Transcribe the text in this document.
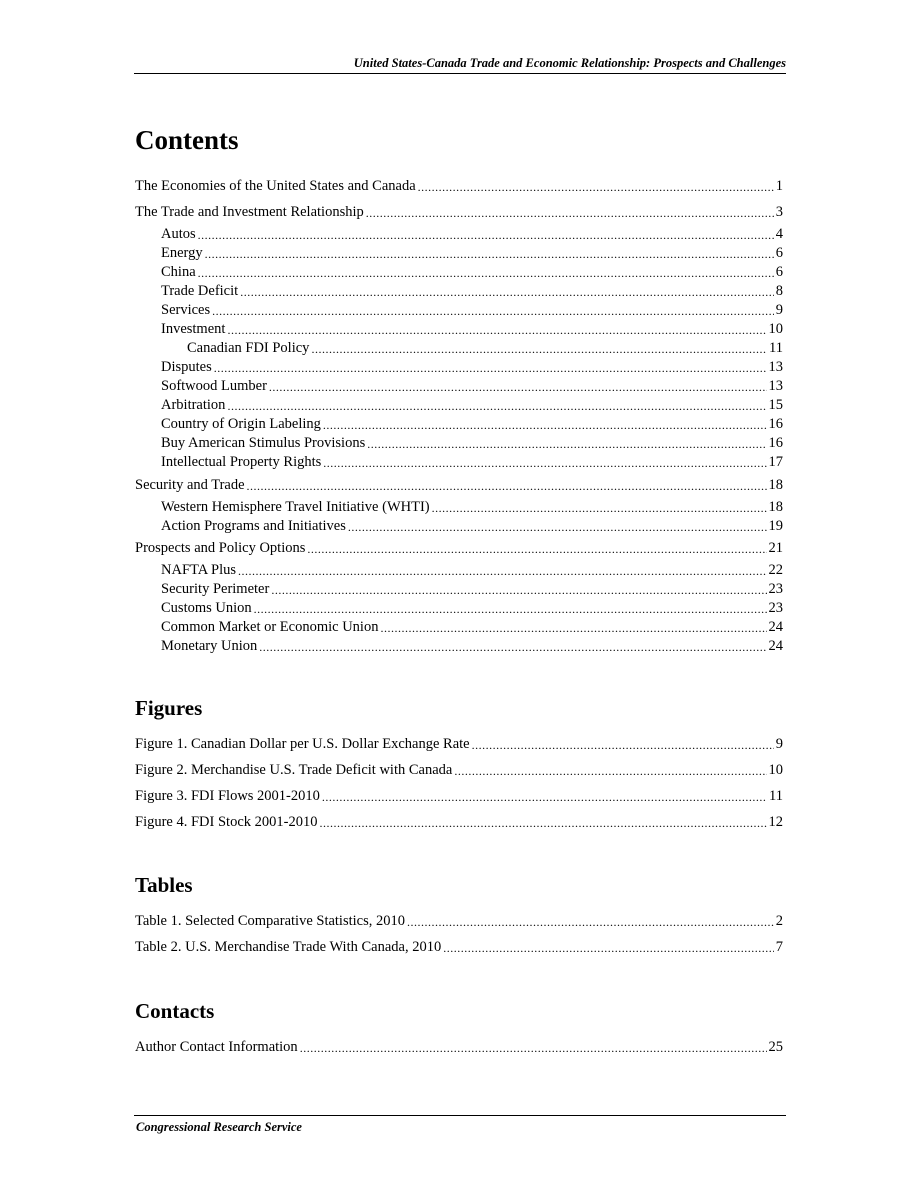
United States-Canada Trade and Economic Relationship: Prospects and Challenges
Contents
The Economies of the United States and Canada .....	1
The Trade and Investment Relationship .....	3
Autos .....	4
Energy .....	6
China .....	6
Trade Deficit .....	8
Services .....	9
Investment .....	10
Canadian FDI Policy .....	11
Disputes .....	13
Softwood Lumber .....	13
Arbitration .....	15
Country of Origin Labeling .....	16
Buy American Stimulus Provisions .....	16
Intellectual Property Rights .....	17
Security and Trade .....	18
Western Hemisphere Travel Initiative (WHTI) .....	18
Action Programs and Initiatives .....	19
Prospects and Policy Options .....	21
NAFTA Plus .....	22
Security Perimeter .....	23
Customs Union .....	23
Common Market or Economic Union .....	24
Monetary Union .....	24
Figures
Figure 1. Canadian Dollar per U.S. Dollar Exchange Rate .....	9
Figure 2. Merchandise U.S. Trade Deficit with Canada .....	10
Figure 3. FDI Flows 2001-2010 .....	11
Figure 4. FDI Stock 2001-2010 .....	12
Tables
Table 1. Selected Comparative Statistics, 2010 .....	2
Table 2. U.S. Merchandise Trade With Canada, 2010 .....	7
Contacts
Author Contact Information .....	25
Congressional Research Service
